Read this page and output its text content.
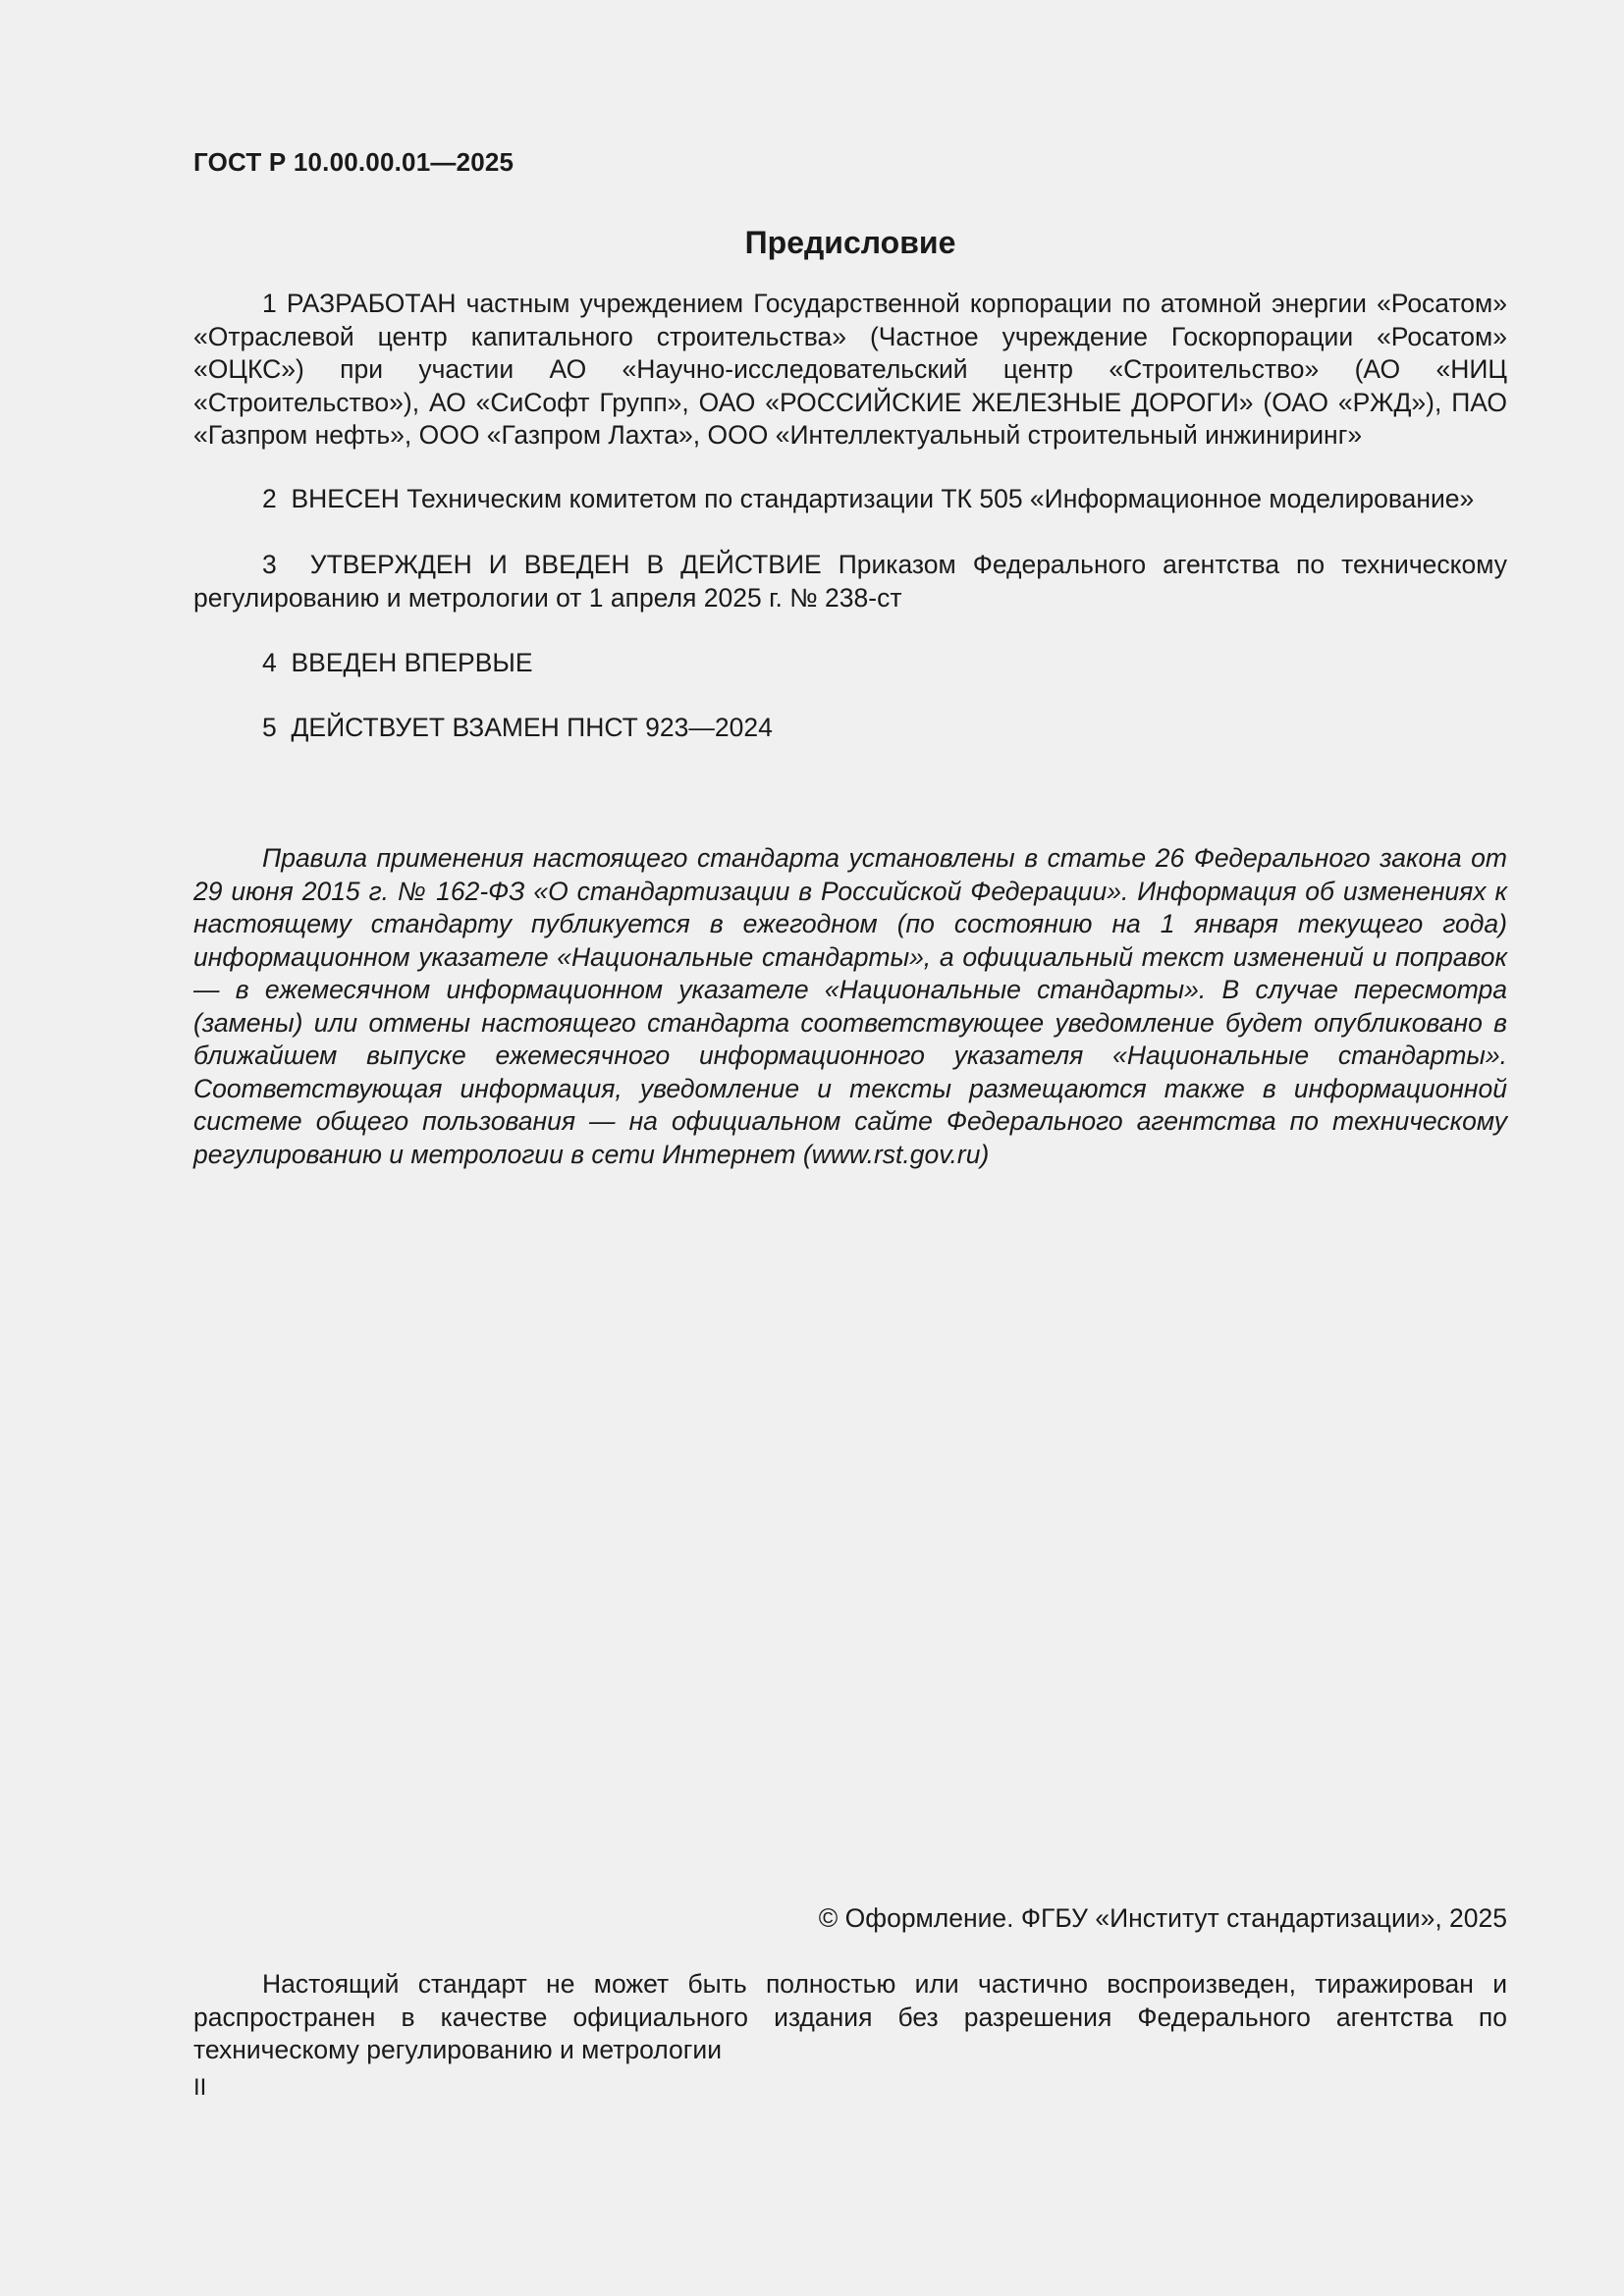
ГОСТ Р 10.00.00.01—2025
Предисловие

1 РАЗРАБОТАН частным учреждением Государственной корпорации по атомной энергии «Росатом» «Отраслевой центр капитального строительства» (Частное учреждение Госкорпорации «Росатом» «ОЦКС») при участии АО «Научно-исследовательский центр «Строительство» (АО «НИЦ «Строительство»), АО «СиСофт Групп», ОАО «РОССИЙСКИЕ ЖЕЛЕЗНЫЕ ДОРОГИ» (ОАО «РЖД»), ПАО «Газпром нефть», ООО «Газпром Лахта», ООО «Интеллектуальный строительный инжиниринг»

2 ВНЕСЕН Техническим комитетом по стандартизации ТК 505 «Информационное моделирование»

3 УТВЕРЖДЕН И ВВЕДЕН В ДЕЙСТВИЕ Приказом Федерального агентства по техническому регулированию и метрологии от 1 апреля 2025 г. № 238-ст

4 ВВЕДЕН ВПЕРВЫЕ

5 ДЕЙСТВУЕТ ВЗАМЕН ПНСТ 923—2024

Правила применения настоящего стандарта установлены в статье 26 Федерального закона от 29 июня 2015 г. № 162-ФЗ «О стандартизации в Российской Федерации». Информация об изменениях к настоящему стандарту публикуется в ежегодном (по состоянию на 1 января текущего года) информационном указателе «Национальные стандарты», а официальный текст изменений и поправок — в ежемесячном информационном указателе «Национальные стандарты». В случае пересмотра (замены) или отмены настоящего стандарта соответствующее уведомление будет опубликовано в ближайшем выпуске ежемесячного информационного указателя «Национальные стандарты». Соответствующая информация, уведомление и тексты размещаются также в информационной системе общего пользования — на официальном сайте Федерального агентства по техническому регулированию и метрологии в сети Интернет (www.rst.gov.ru)

© Оформление. ФГБУ «Институт стандартизации», 2025

Настоящий стандарт не может быть полностью или частично воспроизведен, тиражирован и распространен в качестве официального издания без разрешения Федерального агентства по техническому регулированию и метрологии

II
